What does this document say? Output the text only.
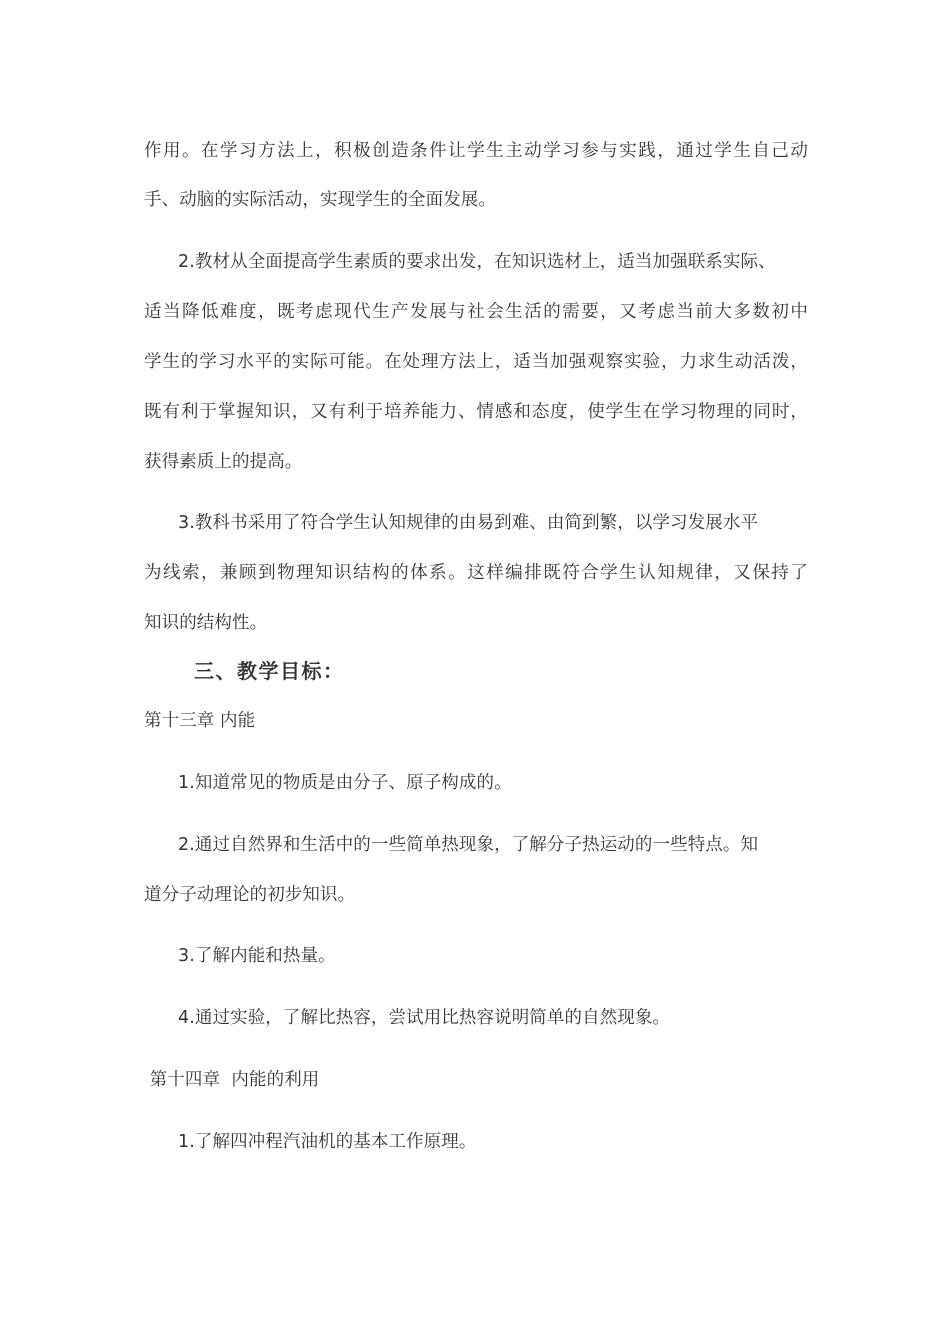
作用。在学习方法上，积极创造条件让学生主动学习参与实践，通过学生自己动
手、动脑的实际活动，实现学生的全面发展。
2.教材从全面提高学生素质的要求出发，在知识选材上，适当加强联系实际、
适当降低难度，既考虑现代生产发展与社会生活的需要，又考虑当前大多数初中
学生的学习水平的实际可能。在处理方法上，适当加强观察实验，力求生动活泼，
既有利于掌握知识，又有利于培养能力、情感和态度，使学生在学习物理的同时，
获得素质上的提高。
3.教科书采用了符合学生认知规律的由易到难、由简到繁，以学习发展水平
为线索，兼顾到物理知识结构的体系。这样编排既符合学生认知规律，又保持了
知识的结构性。
三、教学目标：
第十三章 内能
1.知道常见的物质是由分子、原子构成的。
2.通过自然界和生活中的一些简单热现象，了解分子热运动的一些特点。知
道分子动理论的初步知识。
3.了解内能和热量。
4.通过实验，了解比热容，尝试用比热容说明简单的自然现象。
第十四章  内能的利用
1.了解四冲程汽油机的基本工作原理。
